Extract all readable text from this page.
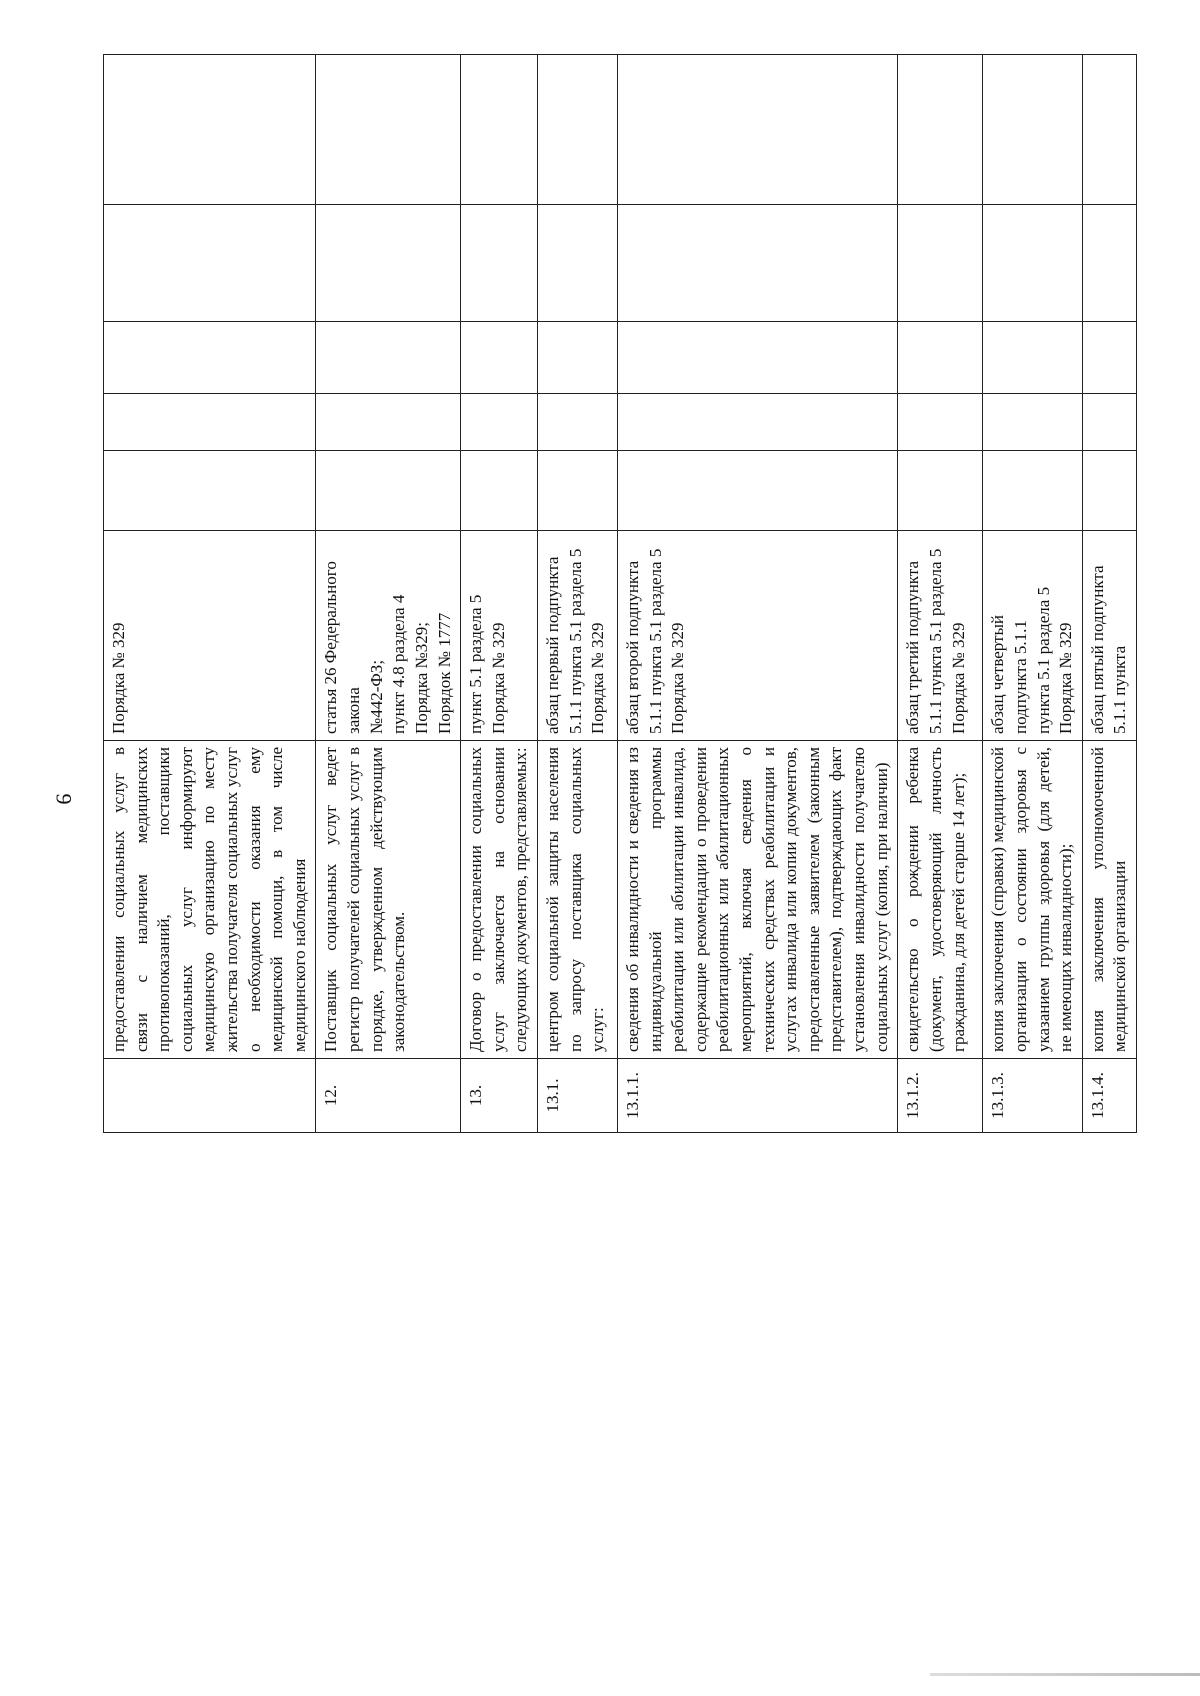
9
	предоставлении социальных услуг в связи с наличием медицинских противопоказаний, поставщики социальных услуг информируют медицинскую организацию по месту жительства получателя социальных услуг о необходимости оказания ему медицинской помощи, в том числе медицинского наблюдения	Порядка № 329					

12.	Поставщик социальных услуг ведет регистр получателей социальных услуг в порядке, утвержденном действующим законодательством.	статья 26 Федерального закона №442-ФЗ; пункт 4.8 раздела 4 Порядка №329; Порядок № 1777					

13.	Договор о предоставлении социальных услуг заключается на основании следующих документов, представляемых:	пункт 5.1 раздела 5 Порядка № 329					

13.1.	центром социальной защиты населения по запросу поставщика социальных услуг:	абзац первый подпункта 5.1.1 пункта 5.1 раздела 5 Порядка № 329					

13.1.1.	сведения об инвалидности и сведения из индивидуальной программы реабилитации или абилитации инвалида, содержащие рекомендации о проведении реабилитационных или абилитационных мероприятий, включая сведения о технических средствах реабилитации и услугах инвалида или копии документов, предоставленные заявителем (законным представителем), подтверждающих факт установления инвалидности получателю социальных услуг (копия, при наличии)	абзац второй подпункта 5.1.1 пункта 5.1 раздела 5 Порядка № 329					

13.1.2.	свидетельство о рождении ребенка (документ, удостоверяющий личность гражданина, для детей старше 14 лет);	абзац третий подпункта 5.1.1 пункта 5.1 раздела 5 Порядка № 329					

13.1.3.	копия заключения (справки) медицинской организации о состоянии здоровья с указанием группы здоровья (для детей, не имеющих инвалидности);	абзац четвертый подпункта 5.1.1 пункта 5.1 раздела 5 Порядка № 329					

13.1.4.	копия заключения уполномоченной медицинской организации	абзац пятый подпункта 5.1.1 пункта					
